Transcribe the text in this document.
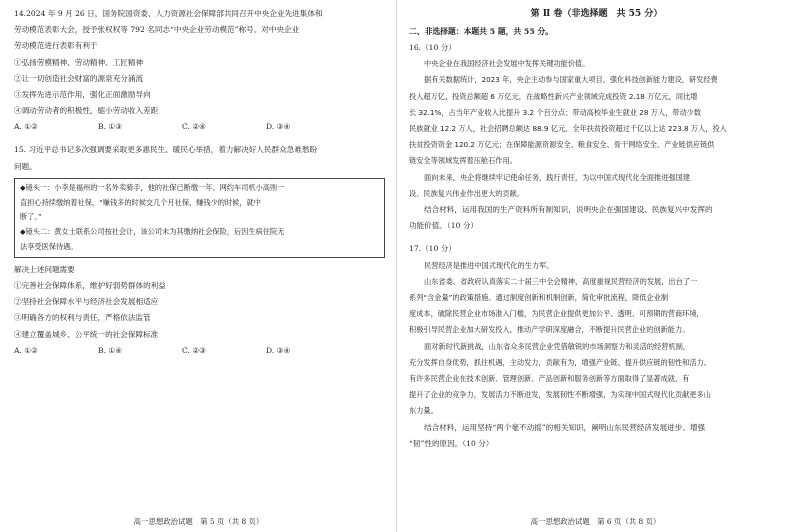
14.2024 年 9 月 26 日，国务院国资委、人力资源社会保障部共同召开中央企业先进集体和

劳动模范表彰大会，授予张权权等 792 名同志“中央企业劳动模范”称号。对中央企业

劳动模范进行表彰有利于

①弘扬劳模精神、劳动精神、工匠精神

②让一切创造社会财富的源泉充分涌流

③发挥先进示范作用，强化正面激励导向

④调动劳动者的积极性，缩小劳动收入差距

A. ①②	B. ①③	C. ②④	D. ③④

15. 习近平总书记多次强调要采取更多惠民生、暖民心举措，着力解决好人民群众急难愁盼

问题。

◆镜头一：小李是福州的一名外卖骑手，他的社保已断缴一年。网约车司机小高则一

直担心持续缴纳着社保，“赚钱多的时候交几个月社保，赚钱少的时候，就中

断了。”

◆镜头二：黄女士联系公司按社会计，该公司未为其缴纳社会保险，后因生病住院无

法享受医保待遇。

解决上述问题需要

①完善社会保障体系，维护好弱势群体的利益

②坚持社会保障水平与经济社会发展相适应

③明确各方的权利与责任，严格依法监管

④建立覆盖城乡、公平统一的社会保障标准

A. ①②	B. ①④	C. ②③	D. ③④
高一思想政治试题　第 5 页（共 8 页）

第 Ⅱ 卷（非选择题　共 55 分）

二、非选择题：本题共 5 题，共 55 分。

16.（10 分）

中央企业在我国经济社会发展中发挥关键功能价值。

据有关数据统计，2023 年，央企主动参与国家重大项目，强化科技创新能力建设，研发经费

投入超万亿，投资总额超 6 万亿元，在战略性新兴产业领域完成投资 2.18 万亿元，同比增

长 32.1%，占当年产业收入比提升 3.2 个百分点；带动高校毕业生就业 28 万人，带动少数

民族就业 12.2 万人，社会招聘总额达 88.9 亿元，全年扶贫投资超过千亿以上达 223.8 万人，投入

扶贫投资资金 120.2 万亿元；在保障能源资源安全、粮食安全、骨干网络安全、产业链供应链供

链安全等领域发挥着压舱石作用。

面向未来，央企将继续牢记使命任务，践行责任，为以中国式现代化全面推进强国建

设、民族复兴伟业作出更大的贡献。

结合材料，运用我国的生产资料所有制知识，说明央企在强国建设、民族复兴中发挥的

功能价值。（10 分）

17.（10 分）

民营经济是推进中国式现代化的生力军。

山东省委、省政府认真落实二十届三中全会精神，高度重视民营经济的发展，出台了一

系列“含金量”的政策措施。通过制度创新和机制创新，简化审批流程，降低企业制

度成本，破除民营企业市场准入门槛，为民营企业提供更加公平、透明、可预期的营商环境，

积极引导民营企业加大研发投入，推动产学研深度融合，不断提升民营企业的创新能力。

面对新时代新挑战，山东省众多民营企业凭借敏锐的市场洞察力和灵活的经营机制，

充分发挥自身优势，抓住机遇，主动发力，贡献有为，增强产业链、提升供应链的韧性和活力。

有许多民营企业在技术创新、管理创新、产品创新和服务创新等方面取得了显著成就，有

提升了企业的竞争力，发展活力不断迸发，发展韧性不断增强，为实现中国式现代化贡献更多山

东力量。

结合材料，运用坚持“两个毫不动摇”的相关知识，阐明山东民营经济发展进步、增强

“韧”性的原因。（10 分）

高一思想政治试题　第 6 页（共 8 页）
